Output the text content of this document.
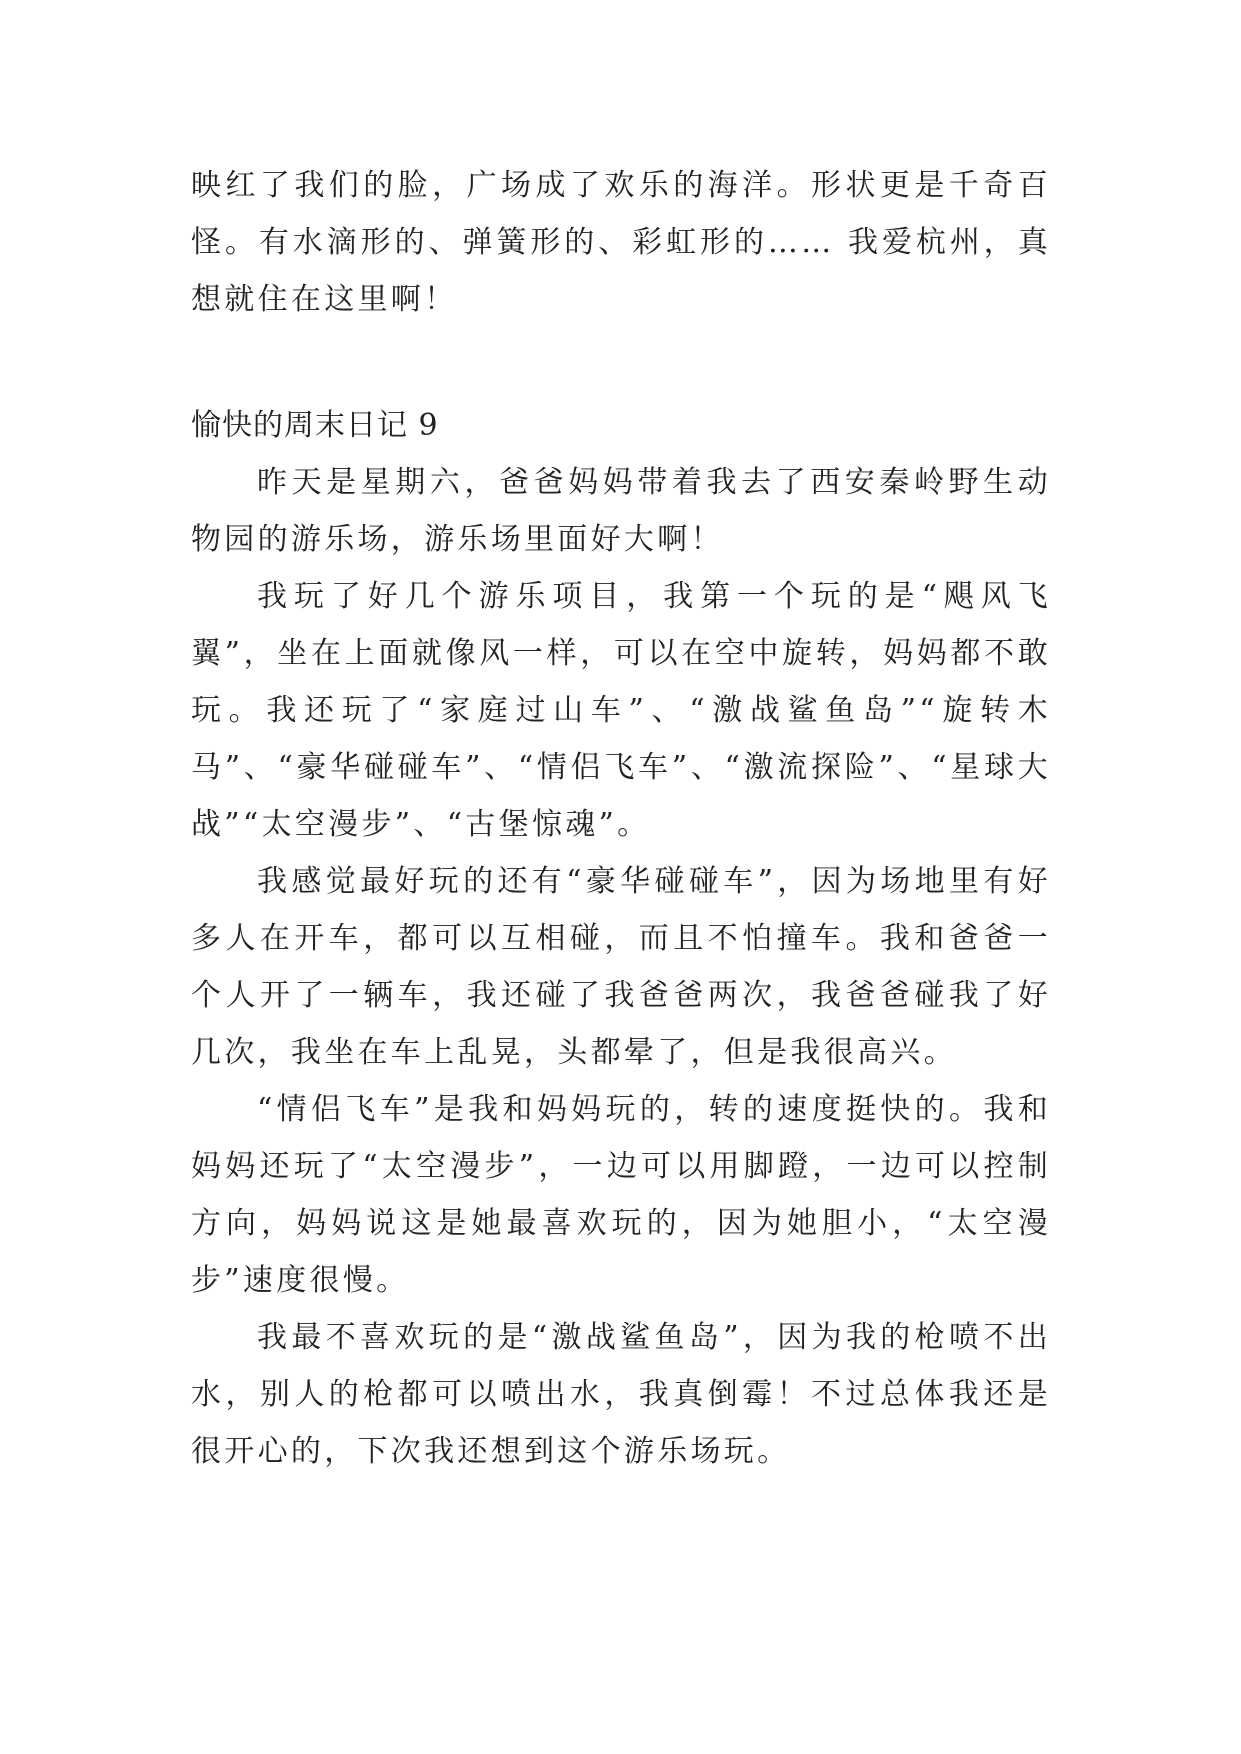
映红了我们的脸，广场成了欢乐的海洋。形状更是千奇百怪。有水滴形的、弹簧形的、彩虹形的…… 我爱杭州，真想就住在这里啊！

愉快的周末日记 9

昨天是星期六，爸爸妈妈带着我去了西安秦岭野生动物园的游乐场，游乐场里面好大啊！

我玩了好几个游乐项目，我第一个玩的是“飓风飞翼”，坐在上面就像风一样，可以在空中旋转，妈妈都不敢玩。我还玩了“家庭过山车”、“激战鲨鱼岛”“旋转木马”、“豪华碰碰车”、“情侣飞车”、“激流探险”、“星球大战”“太空漫步”、“古堡惊魂”。

我感觉最好玩的还有“豪华碰碰车”，因为场地里有好多人在开车，都可以互相碰，而且不怕撞车。我和爸爸一个人开了一辆车，我还碰了我爸爸两次，我爸爸碰我了好几次，我坐在车上乱晃，头都晕了，但是我很高兴。

“情侣飞车”是我和妈妈玩的，转的速度挺快的。我和妈妈还玩了“太空漫步”，一边可以用脚蹬，一边可以控制方向，妈妈说这是她最喜欢玩的，因为她胆小，“太空漫步”速度很慢。

我最不喜欢玩的是“激战鲨鱼岛”，因为我的枪喷不出水，别人的枪都可以喷出水，我真倒霉！不过总体我还是很开心的，下次我还想到这个游乐场玩。
